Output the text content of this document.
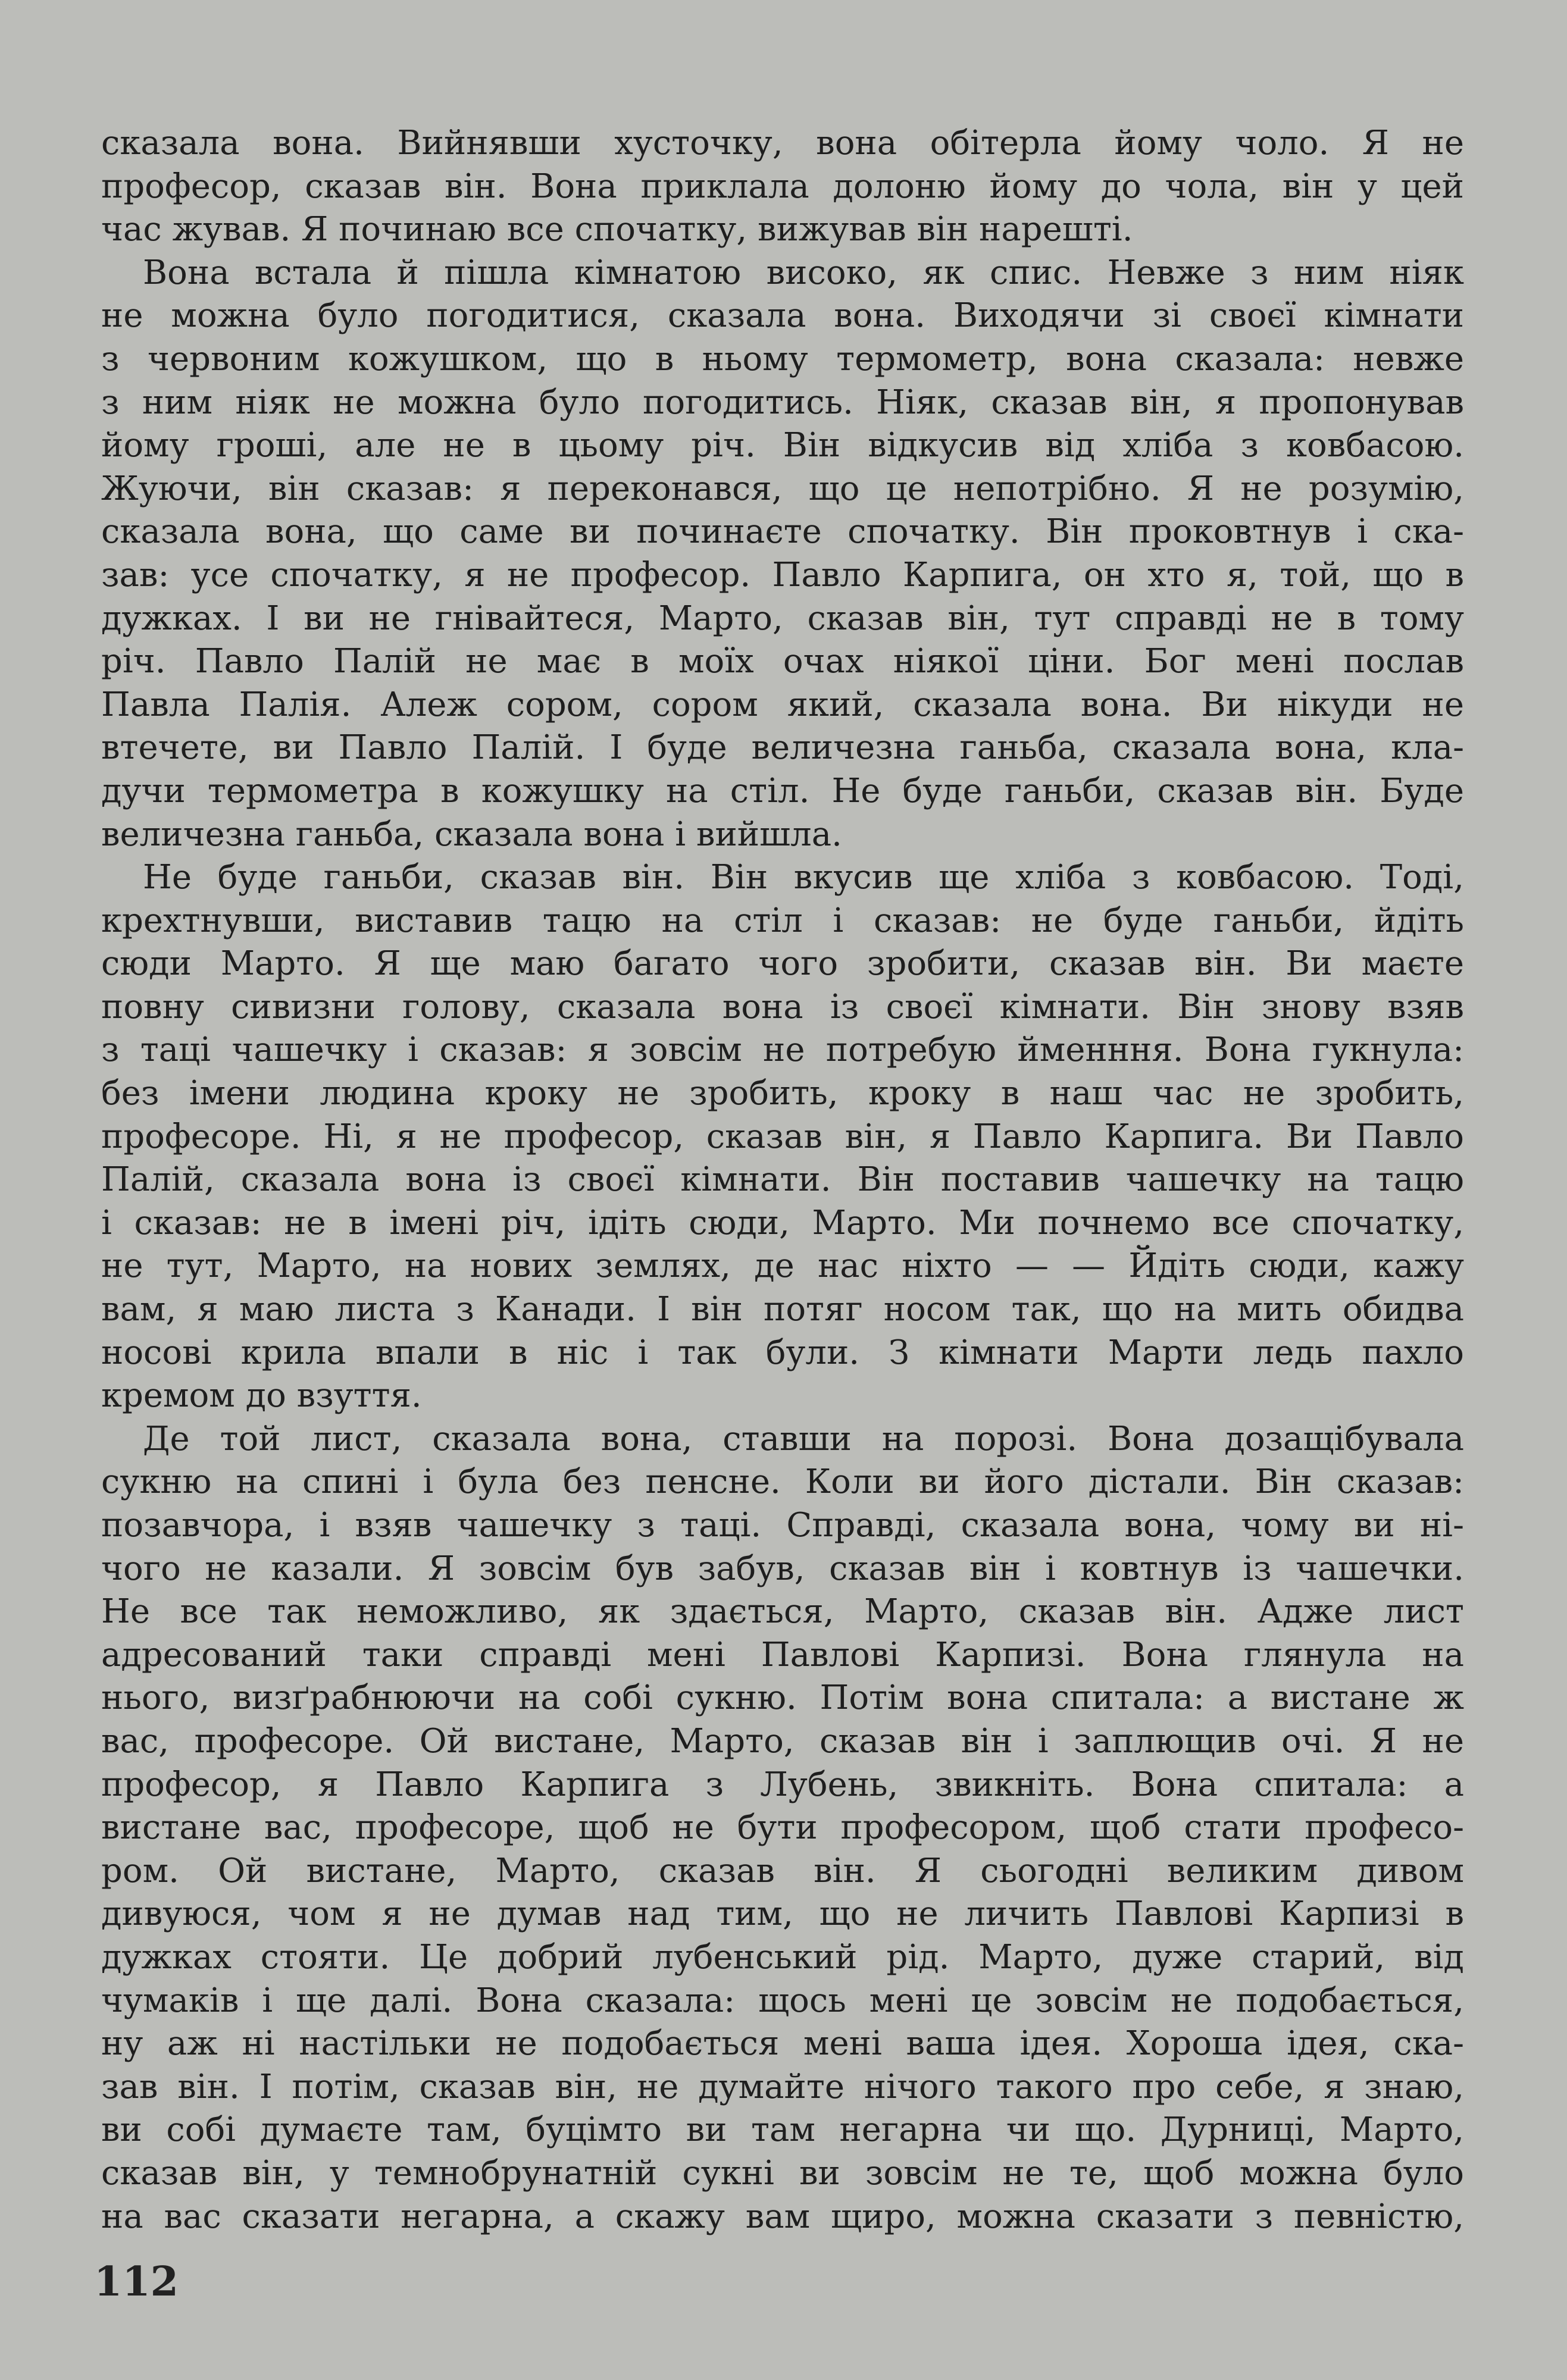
сказала вона. Вийнявши хусточку, вона обітерла йому чоло. Я не
професор, сказав він. Вона приклала долоню йому до чола, він у цей
час жував. Я починаю все спочатку, вижував він нарешті.
Вона встала й пішла кімнатою високо, як спис. Невже з ним ніяк
не можна було погодитися, сказала вона. Виходячи зі своєї кімнати
з червоним кожушком, що в ньому термометр, вона сказала: невже
з ним ніяк не можна було погодитись. Ніяк, сказав він, я пропонував
йому гроші, але не в цьому річ. Він відкусив від хліба з ковбасою.
Жуючи, він сказав: я переконався, що це непотрібно. Я не розумію,
сказала вона, що саме ви починаєте спочатку. Він проковтнув і ска-
зав: усе спочатку, я не професор. Павло Карпига, он хто я, той, що в
дужках. І ви не гнівайтеся, Марто, сказав він, тут справді не в тому
річ. Павло Палій не має в моїх очах ніякої ціни. Бог мені послав
Павла Палія. Алеж сором, сором який, сказала вона. Ви нікуди не
втечете, ви Павло Палій. І буде величезна ганьба, сказала вона, кла-
дучи термометра в кожушку на стіл. Не буде ганьби, сказав він. Буде
величезна ганьба, сказала вона і вийшла.
Не буде ганьби, сказав він. Він вкусив ще хліба з ковбасою. Тоді,
крехтнувши, виставив тацю на стіл і сказав: не буде ганьби, йдіть
сюди Марто. Я ще маю багато чого зробити, сказав він. Ви маєте
повну сивизни голову, сказала вона із своєї кімнати. Він знову взяв
з таці чашечку і сказав: я зовсім не потребую йменння. Вона гукнула:
без імени людина кроку не зробить, кроку в наш час не зробить,
професоре. Ні, я не професор, сказав він, я Павло Карпига. Ви Павло
Палій, сказала вона із своєї кімнати. Він поставив чашечку на тацю
і сказав: не в імені річ, ідіть сюди, Марто. Ми почнемо все спочатку,
не тут, Марто, на нових землях, де нас ніхто — — Йдіть сюди, кажу
вам, я маю листа з Канади. І він потяг носом так, що на мить обидва
носові крила впали в ніс і так були. З кімнати Марти ледь пахло
кремом до взуття.
Де той лист, сказала вона, ставши на порозі. Вона дозащібувала
сукню на спині і була без пенсне. Коли ви його дістали. Він сказав:
позавчора, і взяв чашечку з таці. Справді, сказала вона, чому ви ні-
чого не казали. Я зовсім був забув, сказав він і ковтнув із чашечки.
Не все так неможливо, як здається, Марто, сказав він. Адже лист
адресований таки справді мені Павлові Карпизі. Вона глянула на
нього, визґрабнюючи на собі сукню. Потім вона спитала: а вистане ж
вас, професоре. Ой вистане, Марто, сказав він і заплющив очі. Я не
професор, я Павло Карпига з Лубень, звикніть. Вона спитала: а
вистане вас, професоре, щоб не бути професором, щоб стати професо-
ром. Ой вистане, Марто, сказав він. Я сьогодні великим дивом
дивуюся, чом я не думав над тим, що не личить Павлові Карпизі в
дужках стояти. Це добрий лубенський рід. Марто, дуже старий, від
чумаків і ще далі. Вона сказала: щось мені це зовсім не подобається,
ну аж ні настільки не подобається мені ваша ідея. Хороша ідея, ска-
зав він. І потім, сказав він, не думайте нічого такого про себе, я знаю,
ви собі думаєте там, буцімто ви там негарна чи що. Дурниці, Марто,
сказав він, у темнобрунатній сукні ви зовсім не те, щоб можна було
на вас сказати негарна, а скажу вам щиро, можна сказати з певністю,
112
